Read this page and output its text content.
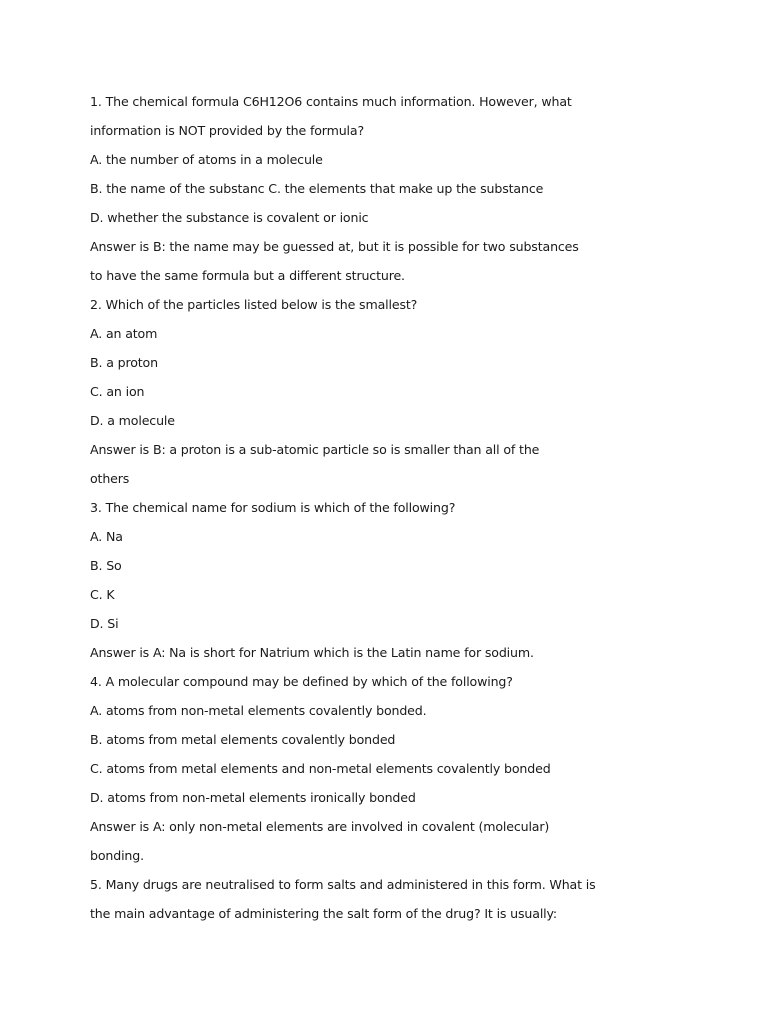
1. The chemical formula C6H12O6 contains much information. However, what
information is NOT provided by the formula?
A. the number of atoms in a molecule
B. the name of the substanc C. the elements that make up the substance
D. whether the substance is covalent or ionic
Answer is B: the name may be guessed at, but it is possible for two substances
to have the same formula but a different structure.
2. Which of the particles listed below is the smallest?
A. an atom
B. a proton
C. an ion
D. a molecule
Answer is B: a proton is a sub-atomic particle so is smaller than all of the
others
3. The chemical name for sodium is which of the following?
A. Na
B. So
C. K
D. Si
Answer is A: Na is short for Natrium which is the Latin name for sodium.
4. A molecular compound may be defined by which of the following?
A. atoms from non-metal elements covalently bonded.
B. atoms from metal elements covalently bonded
C. atoms from metal elements and non-metal elements covalently bonded
D. atoms from non-metal elements ironically bonded
Answer is A: only non-metal elements are involved in covalent (molecular)
bonding.
5. Many drugs are neutralised to form salts and administered in this form. What is
the main advantage of administering the salt form of the drug? It is usually:
